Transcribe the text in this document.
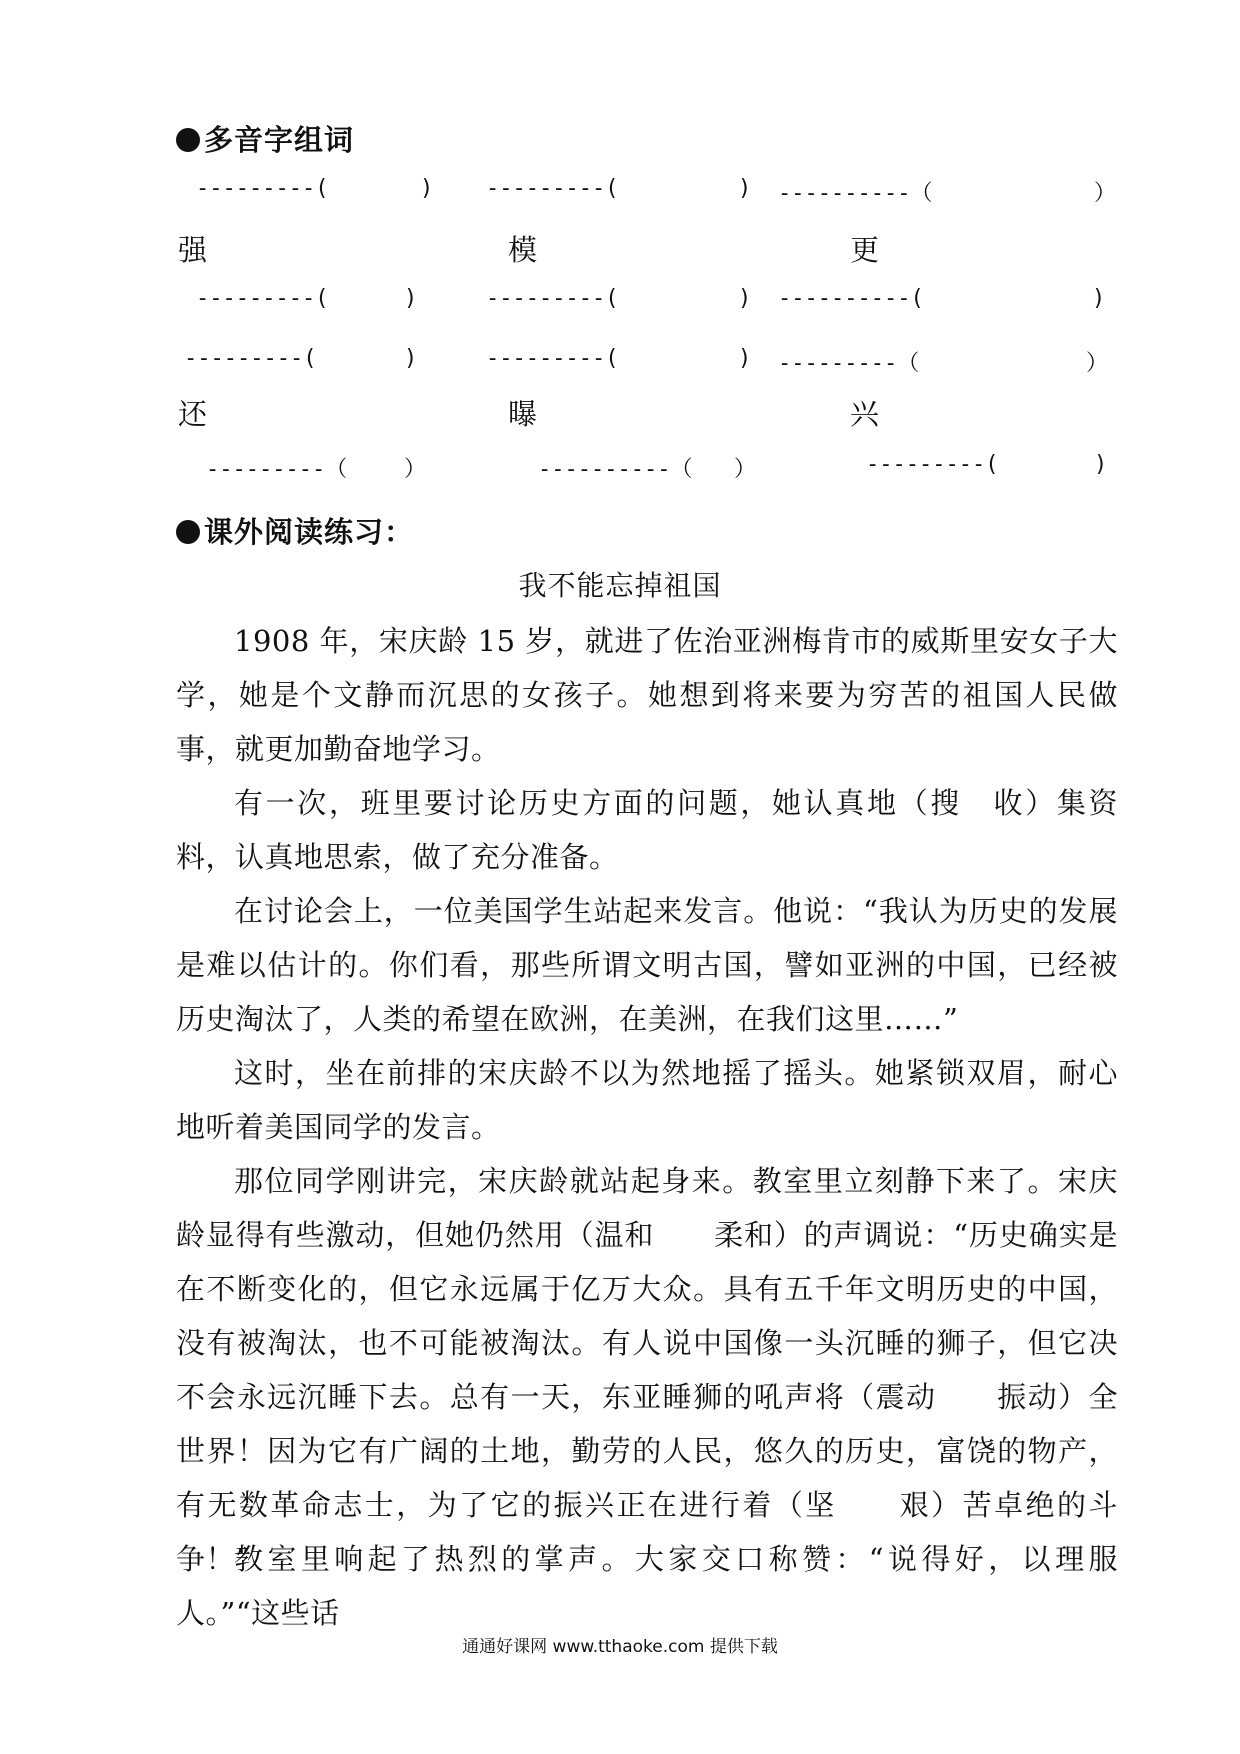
多音字组词
---------(	) ---------(	) ----------（	）
强	模	更
---------(	)	---------(	) ----------(	)
---------(	)	---------(	) ---------（	）
还	曝	兴
---------（	）	----------（ ）	---------(	)
课外阅读练习：
我不能忘掉祖国

1908 年，宋庆龄 15 岁，就进了佐治亚洲梅肯市的威斯里安女子大学，她是个文静而沉思的女孩子。她想到将来要为穷苦的祖国人民做事，就更加勤奋地学习。

有一次，班里要讨论历史方面的问题，她认真地（搜　收）集资料，认真地思索，做了充分准备。

在讨论会上，一位美国学生站起来发言。他说：“我认为历史的发展是难以估计的。你们看，那些所谓文明古国，譬如亚洲的中国，已经被历史淘汰了，人类的希望在欧洲，在美洲，在我们这里……”

这时，坐在前排的宋庆龄不以为然地摇了摇头。她紧锁双眉，耐心地听着美国同学的发言。

那位同学刚讲完，宋庆龄就站起身来。教室里立刻静下来了。宋庆龄显得有些激动，但她仍然用（温和　　柔和）的声调说：“历史确实是在不断变化的，但它永远属于亿万大众。具有五千年文明历史的中国，没有被淘汰，也不可能被淘汰。有人说中国像一头沉睡的狮子，但它决不会永远沉睡下去。总有一天，东亚睡狮的吼声将（震动　　振动）全世界！因为它有广阔的土地，勤劳的人民，悠久的历史，富饶的物产，有无数革命志士，为了它的振兴正在进行着（坚　　艰）苦卓绝的斗争！”

教室里响起了热烈的掌声。大家交口称赞：“说得好，以理服人。”“这些话

通通好课网 www.tthaoke.com 提供下载
